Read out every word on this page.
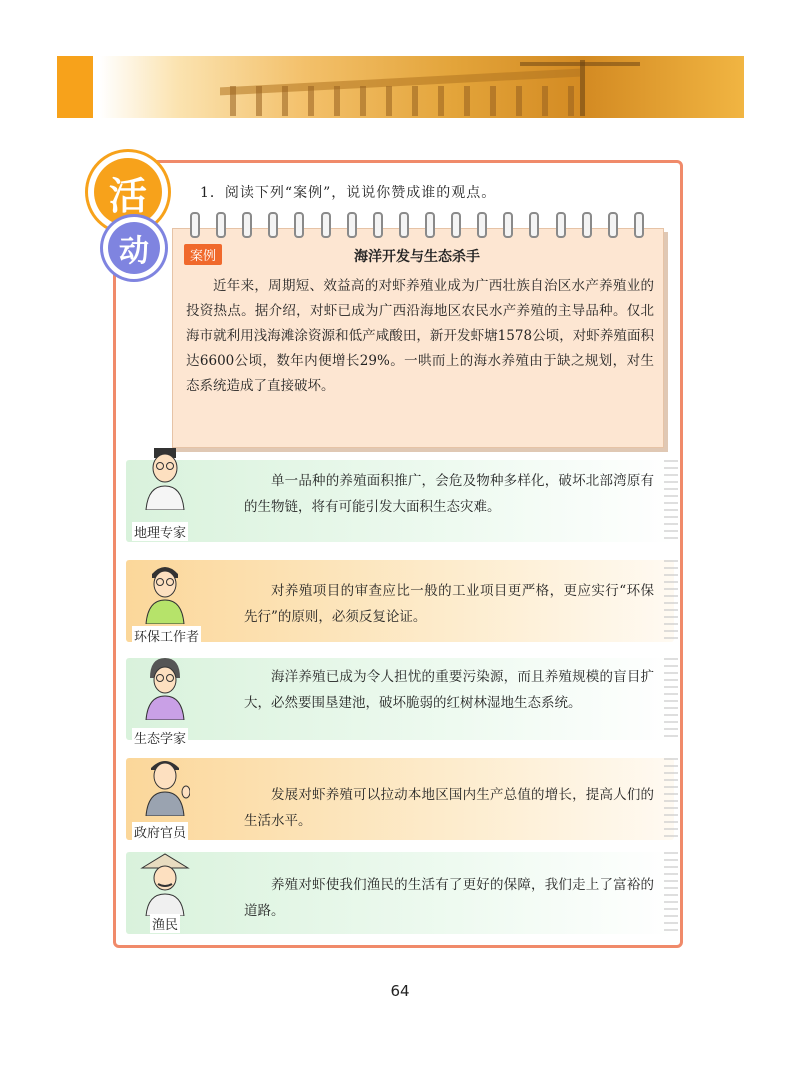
活
动
1．阅读下列“案例”，说说你赞成谁的观点。
案例	海洋开发与生态杀手
近年来，周期短、效益高的对虾养殖业成为广西壮族自治区水产养殖业的投资热点。据介绍，对虾已成为广西沿海地区农民水产养殖的主导品种。仅北海市就利用浅海滩涂资源和低产咸酸田，新开发虾塘1578公顷，对虾养殖面积达6600公顷，数年内便增长29%。一哄而上的海水养殖由于缺之规划，对生态系统造成了直接破坏。
地理专家
单一品种的养殖面积推广，会危及物种多样化，破坏北部湾原有的生物链，将有可能引发大面积生态灾难。
环保工作者
对养殖项目的审查应比一般的工业项目更严格，更应实行“环保先行”的原则，必须反复论证。
生态学家
海洋养殖已成为令人担忧的重要污染源，而且养殖规模的盲目扩大，必然要围垦建池，破坏脆弱的红树林湿地生态系统。
政府官员
发展对虾养殖可以拉动本地区国内生产总值的增长，提高人们的生活水平。
渔民
养殖对虾使我们渔民的生活有了更好的保障，我们走上了富裕的道路。
64
